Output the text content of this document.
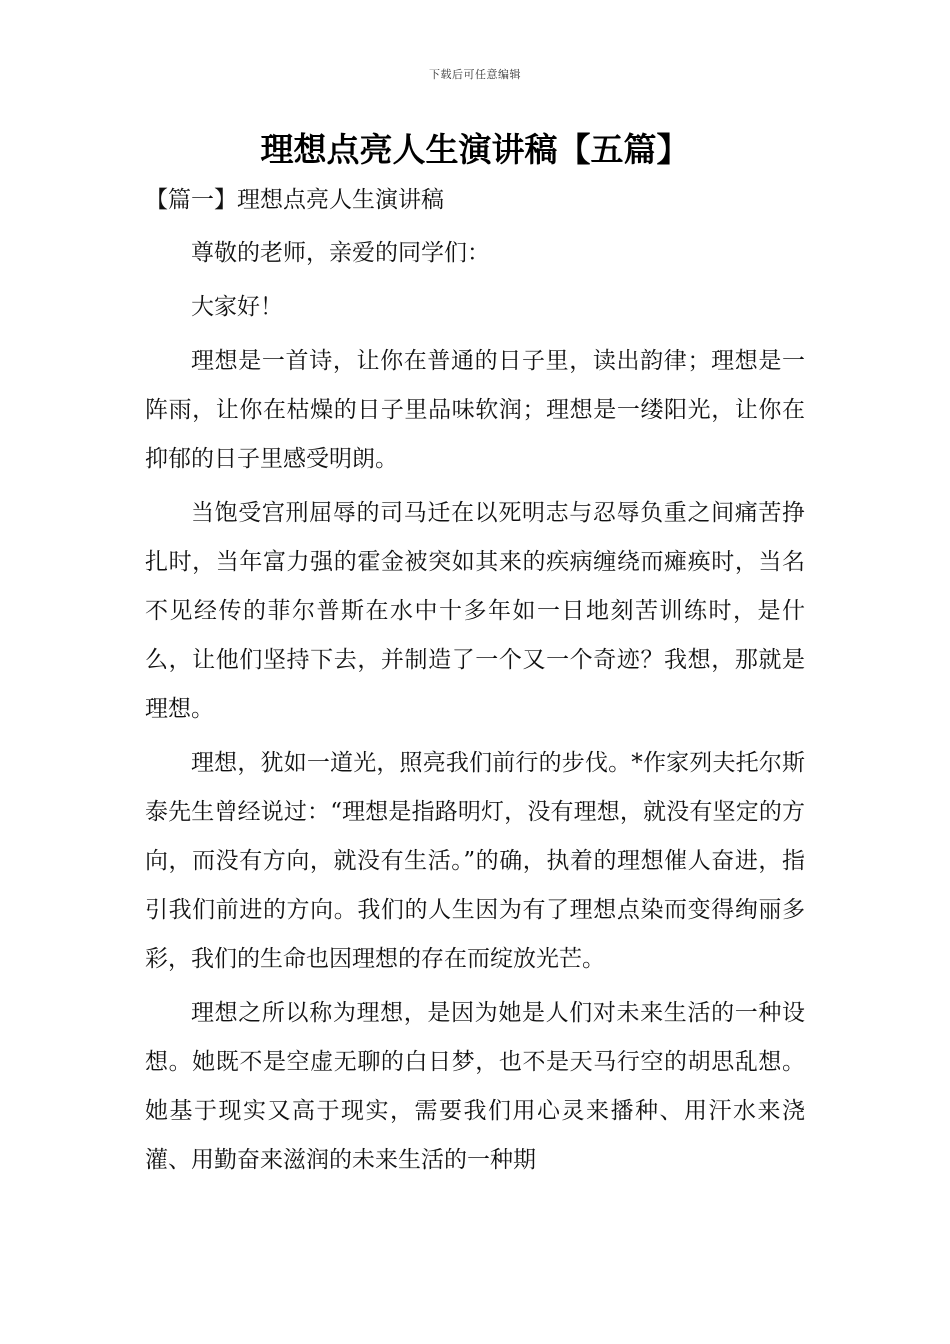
下载后可任意编辑
理想点亮人生演讲稿【五篇】
【篇一】理想点亮人生演讲稿

尊敬的老师，亲爱的同学们：

大家好！

理想是一首诗，让你在普通的日子里，读出韵律；理想是一阵雨，让你在枯燥的日子里品味软润；理想是一缕阳光，让你在抑郁的日子里感受明朗。

当饱受宫刑屈辱的司马迁在以死明志与忍辱负重之间痛苦挣扎时，当年富力强的霍金被突如其来的疾病缠绕而瘫痪时，当名不见经传的菲尔普斯在水中十多年如一日地刻苦训练时，是什么，让他们坚持下去，并制造了一个又一个奇迹？我想，那就是理想。

理想，犹如一道光，照亮我们前行的步伐。*作家列夫托尔斯泰先生曾经说过：“理想是指路明灯，没有理想，就没有坚定的方向，而没有方向，就没有生活。”的确，执着的理想催人奋进，指引我们前进的方向。我们的人生因为有了理想点染而变得绚丽多彩，我们的生命也因理想的存在而绽放光芒。

理想之所以称为理想，是因为她是人们对未来生活的一种设想。她既不是空虚无聊的白日梦，也不是天马行空的胡思乱想。她基于现实又高于现实，需要我们用心灵来播种、用汗水来浇灌、用勤奋来滋润的未来生活的一种期
